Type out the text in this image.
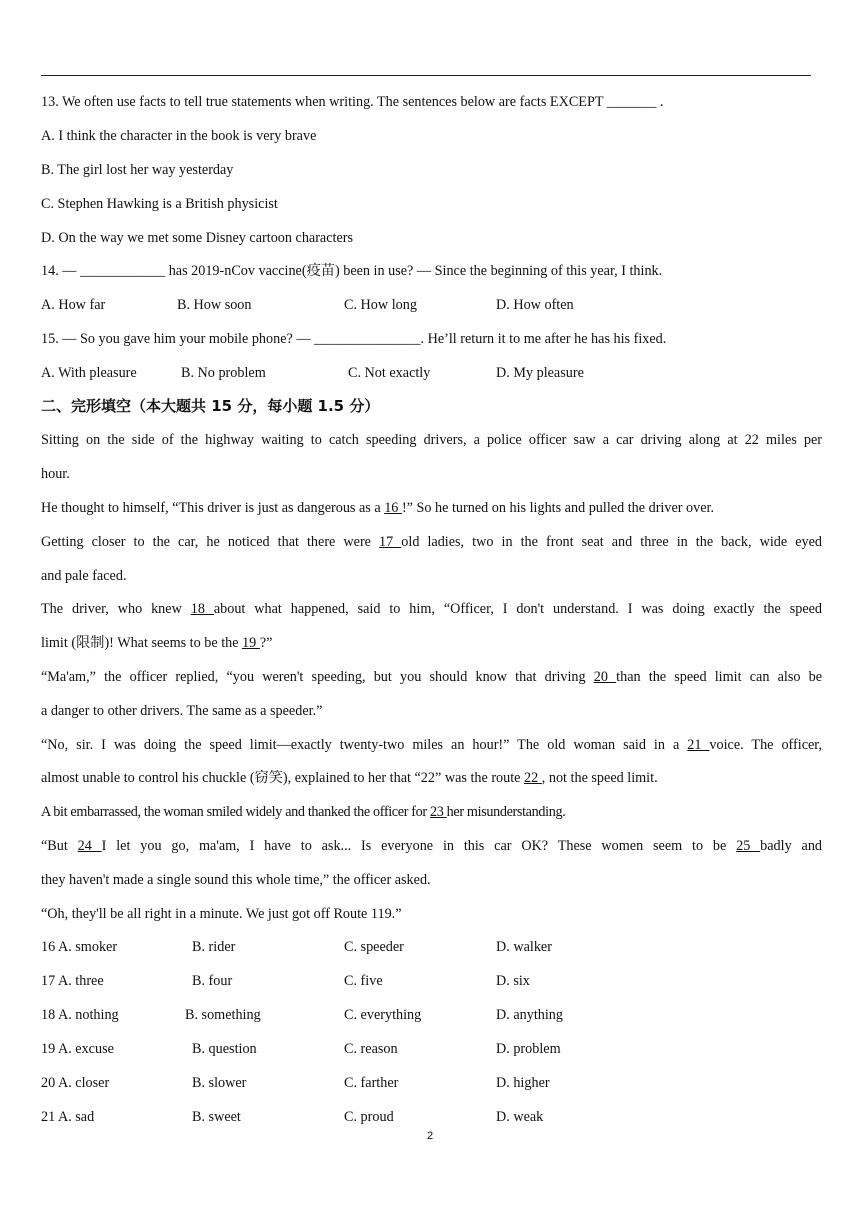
13. We often use facts to tell true statements when writing. The sentences below are facts EXCEPT _______ .
A. I think the character in the book is very brave
B. The girl lost her way yesterday
C. Stephen Hawking is a British physicist
D. On the way we met some Disney cartoon characters
14. — ____________ has 2019-nCov vaccine(疫苗) been in use? — Since the beginning of this year, I think.
A. How far	B. How soon	C. How long	D. How often
15. — So you gave him your mobile phone? — _______________. He’ll return it to me after he has his fixed.
A. With pleasure	B. No problem	C. Not exactly	D. My pleasure
二、完形填空（本大题共 15 分，每小题 1.5 分）
Sitting on the side of the highway waiting to catch speeding drivers, a police officer saw a car driving along at 22 miles per
hour.
He thought to himself, “This driver is just as dangerous as a 16 !” So he turned on his lights and pulled the driver over.
Getting closer to the car, he noticed that there were 17 old ladies, two in the front seat and three in the back, wide eyed
and pale faced.
The driver, who knew 18 about what happened, said to him, “Officer, I don't understand. I was doing exactly the speed
limit (限制)! What seems to be the 19 ?”
“Ma'am,” the officer replied, “you weren't speeding, but you should know that driving 20 than the speed limit can also be
a danger to other drivers. The same as a speeder.”
“No, sir. I was doing the speed limit—exactly twenty-two miles an hour!” The old woman said in a 21 voice. The officer,
almost unable to control his chuckle (窃笑), explained to her that “22” was the route 22 , not the speed limit.
A bit embarrassed, the woman smiled widely and thanked the officer for 23 her misunderstanding.
“But 24 I let you go, ma'am, I have to ask... Is everyone in this car OK? These women seem to be 25 badly and
they haven't made a single sound this whole time,” the officer asked.
“Oh, they'll be all right in a minute. We just got off Route 119.”
16 A. smoker	B. rider	C. speeder	D. walker
17 A. three	B. four	C. five	D. six
18 A. nothing	B. something	C. everything	D. anything
19 A. excuse	B. question	C. reason	D. problem
20 A. closer	B. slower	C. farther	D. higher
21 A. sad	B. sweet	C. proud	D. weak
2
